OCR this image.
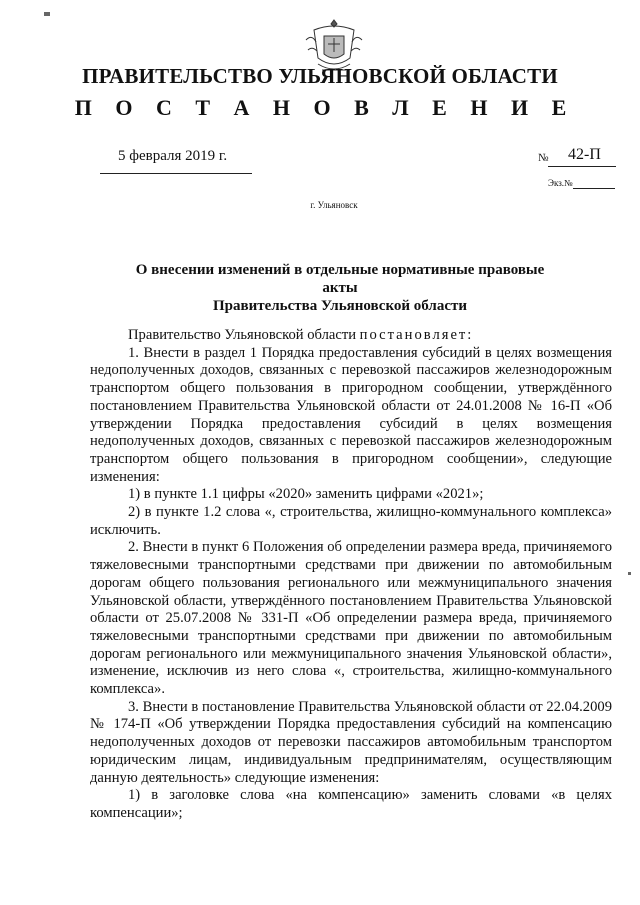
ПРАВИТЕЛЬСТВО УЛЬЯНОВСКОЙ ОБЛАСТИ
П О С Т А Н О В Л Е Н И Е
5 февраля 2019 г.	№ 42-П
Экз.№
г. Ульяновск
О внесении изменений в отдельные нормативные правовые акты
Правительства Ульяновской области

Правительство Ульяновской области постановляет:

1. Внести в раздел 1 Порядка предоставления субсидий в целях возмещения недополученных доходов, связанных с перевозкой пассажиров железнодорожным транспортом общего пользования в пригородном сообщении, утверждённого постановлением Правительства Ульяновской области от 24.01.2008 № 16-П «Об утверждении Порядка предоставления субсидий в целях возмещения недополученных доходов, связанных с перевозкой пассажиров железнодорожным транспортом общего пользования в пригородном сообщении», следующие изменения:

1) в пункте 1.1 цифры «2020» заменить цифрами «2021»;

2) в пункте 1.2 слова «, строительства, жилищно-коммунального комплекса» исключить.

2. Внести в пункт 6 Положения об определении размера вреда, причиняемого тяжеловесными транспортными средствами при движении по автомобильным дорогам общего пользования регионального или межмуниципального значения Ульяновской области, утверждённого постановлением Правительства Ульяновской области от 25.07.2008 № 331-П «Об определении размера вреда, причиняемого тяжеловесными транспортными средствами при движении по автомобильным дорогам регионального или межмуниципального значения Ульяновской области», изменение, исключив из него слова «, строительства, жилищно-коммунального комплекса».

3. Внести в постановление Правительства Ульяновской области от 22.04.2009 № 174-П «Об утверждении Порядка предоставления субсидий на компенсацию недополученных доходов от перевозки пассажиров автомобильным транспортом юридическим лицам, индивидуальным предпринимателям, осуществляющим данную деятельность» следующие изменения:

1) в заголовке слова «на компенсацию» заменить словами «в целях компенсации»;
